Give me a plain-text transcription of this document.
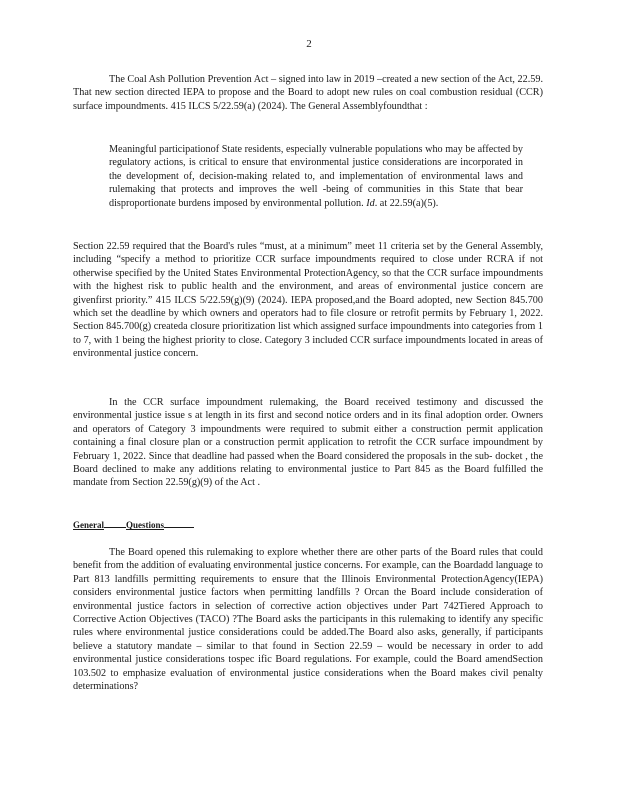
2

The Coal Ash Pollution Prevention Act – signed into law in 2019 –created a new section of the Act, 22.59. That new section directed IEPA to propose and the Board to adopt new rules on coal combustion residual (CCR) surface impoundments. 415 ILCS 5/22.59(a) (2024). The General Assemblyfoundthat :

Meaningful participationof State residents, especially vulnerable populations who may be affected by regulatory actions, is critical to ensure that environmental justice considerations are incorporated in the development of, decision-making related to, and implementation of environmental laws and rulemaking that protects and improves the well -being of communities in this State that bear disproportionate burdens imposed by environmental pollution. Id. at 22.59(a)(5).

Section 22.59 required that the Board's rules “must, at a minimum” meet 11 criteria set by the General Assembly, including “specify a method to prioritize CCR surface impoundments required to close under RCRA if not otherwise specified by the United States Environmental ProtectionAgency, so that the CCR surface impoundments with the highest risk to public health and the environment, and areas of environmental justice concern are givenfirst priority.” 415 ILCS 5/22.59(g)(9) (2024). IEPA proposed,and the Board adopted, new Section 845.700 which set the deadline by which owners and operators had to file closure or retrofit permits by February 1, 2022. Section 845.700(g) createda closure prioritization list which assigned surface impoundments into categories from 1 to 7, with 1 being the highest priority to close. Category 3 included CCR surface impoundments located in areas of environmental justice concern.

In the CCR surface impoundment rulemaking, the Board received testimony and discussed the environmental justice issue s at length in its first and second notice orders and in its final adoption order. Owners and operators of Category 3 impoundments were required to submit either a construction permit application containing a final closure plan or a construction permit application to retrofit the CCR surface impoundment by February 1, 2022. Since that deadline had passed when the Board considered the proposals in the sub- docket , the Board declined to make any additions relating to environmental justice to Part 845 as the Board fulfilled the mandate from Section 22.59(g)(9) of the Act .

General Questions

The Board opened this rulemaking to explore whether there are other parts of the Board rules that could benefit from the addition of evaluating environmental justice concerns. For example, can the Boardadd language to Part 813 landfills permitting requirements to ensure that the Illinois Environmental ProtectionAgency(IEPA) considers environmental justice factors when permitting landfills ? Orcan the Board include consideration of environmental justice factors in selection of corrective action objectives under Part 742Tiered Approach to Corrective Action Objectives (TACO) ?The Board asks the participants in this rulemaking to identify any specific rules where environmental justice considerations could be added.The Board also asks, generally, if participants believe a statutory mandate – similar to that found in Section 22.59 – would be necessary in order to add environmental justice considerations tospec ific Board regulations. For example, could the Board amendSection 103.502 to emphasize evaluation of environmental justice considerations when the Board makes civil penalty determinations?
